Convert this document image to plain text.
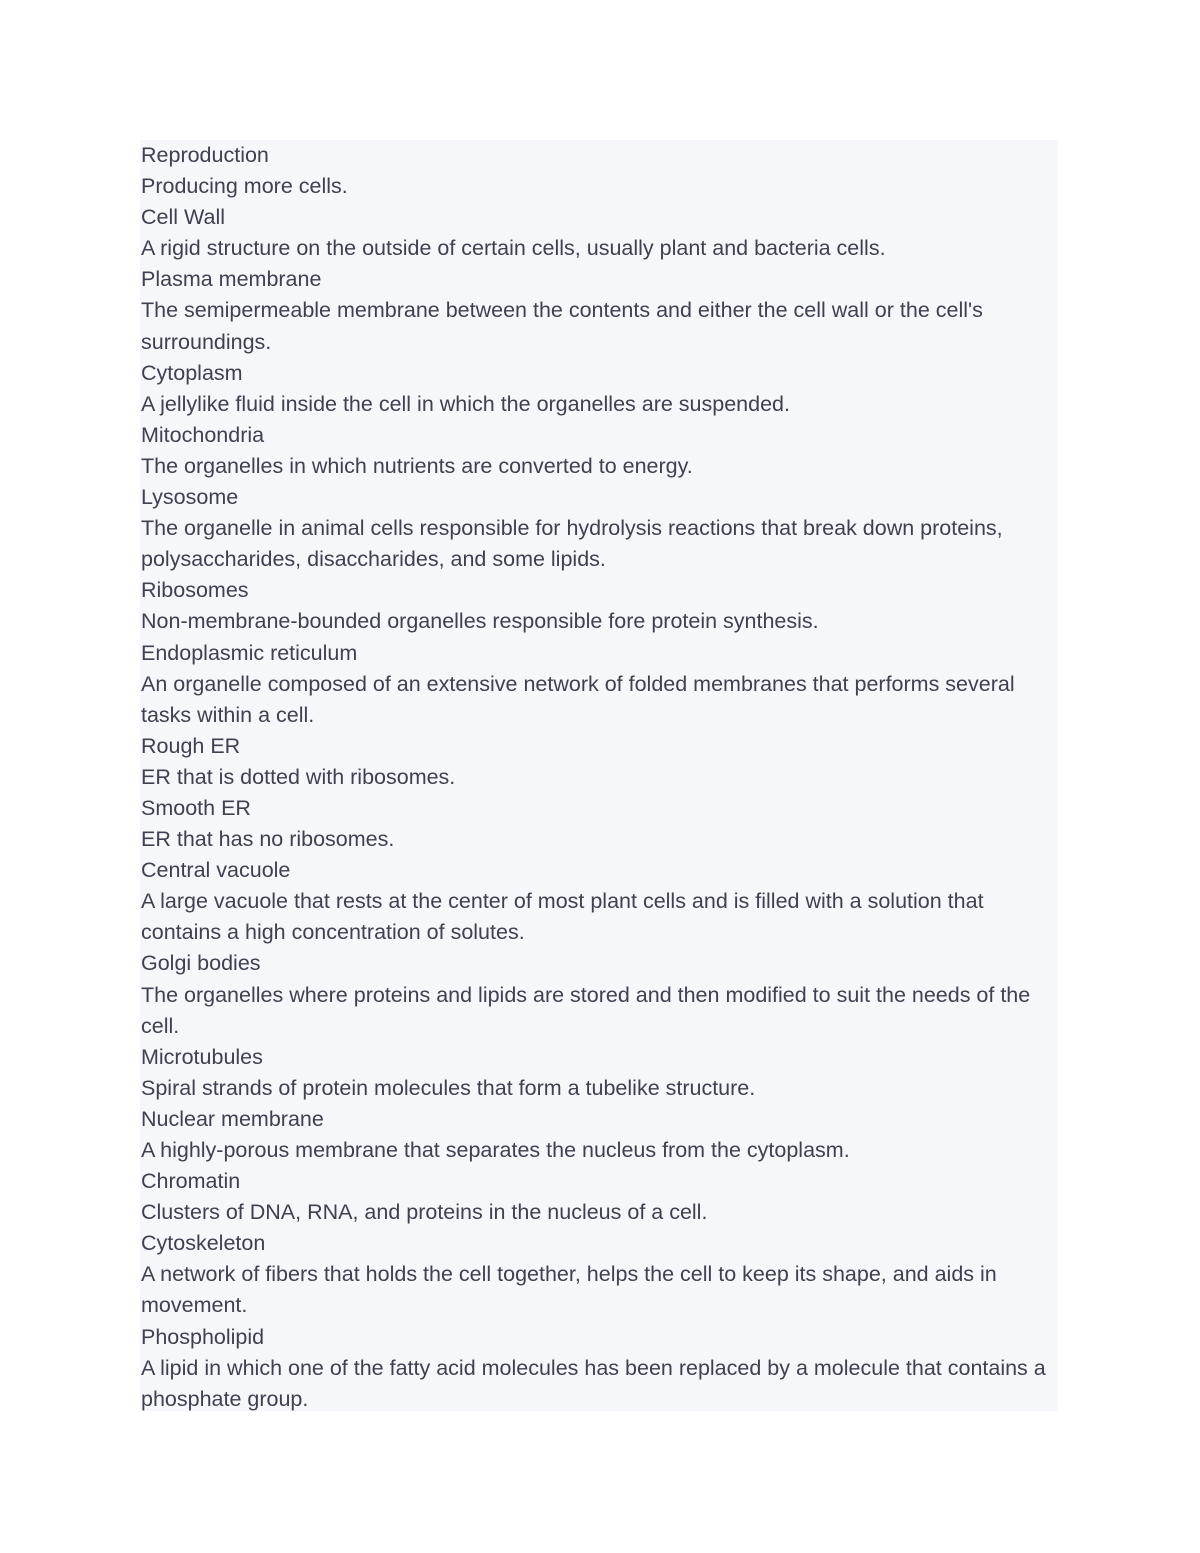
Reproduction
Producing more cells.
Cell Wall
A rigid structure on the outside of certain cells, usually plant and bacteria cells.
Plasma membrane
The semipermeable membrane between the contents and either the cell wall or the cell's surroundings.
Cytoplasm
A jellylike fluid inside the cell in which the organelles are suspended.
Mitochondria
The organelles in which nutrients are converted to energy.
Lysosome
The organelle in animal cells responsible for hydrolysis reactions that break down proteins, polysaccharides, disaccharides, and some lipids.
Ribosomes
Non-membrane-bounded organelles responsible fore protein synthesis.
Endoplasmic reticulum
An organelle composed of an extensive network of folded membranes that performs several tasks within a cell.
Rough ER
ER that is dotted with ribosomes.
Smooth ER
ER that has no ribosomes.
Central vacuole
A large vacuole that rests at the center of most plant cells and is filled with a solution that contains a high concentration of solutes.
Golgi bodies
The organelles where proteins and lipids are stored and then modified to suit the needs of the cell.
Microtubules
Spiral strands of protein molecules that form a tubelike structure.
Nuclear membrane
A highly-porous membrane that separates the nucleus from the cytoplasm.
Chromatin
Clusters of DNA, RNA, and proteins in the nucleus of a cell.
Cytoskeleton
A network of fibers that holds the cell together, helps the cell to keep its shape, and aids in movement.
Phospholipid
A lipid in which one of the fatty acid molecules has been replaced by a molecule that contains a phosphate group.
